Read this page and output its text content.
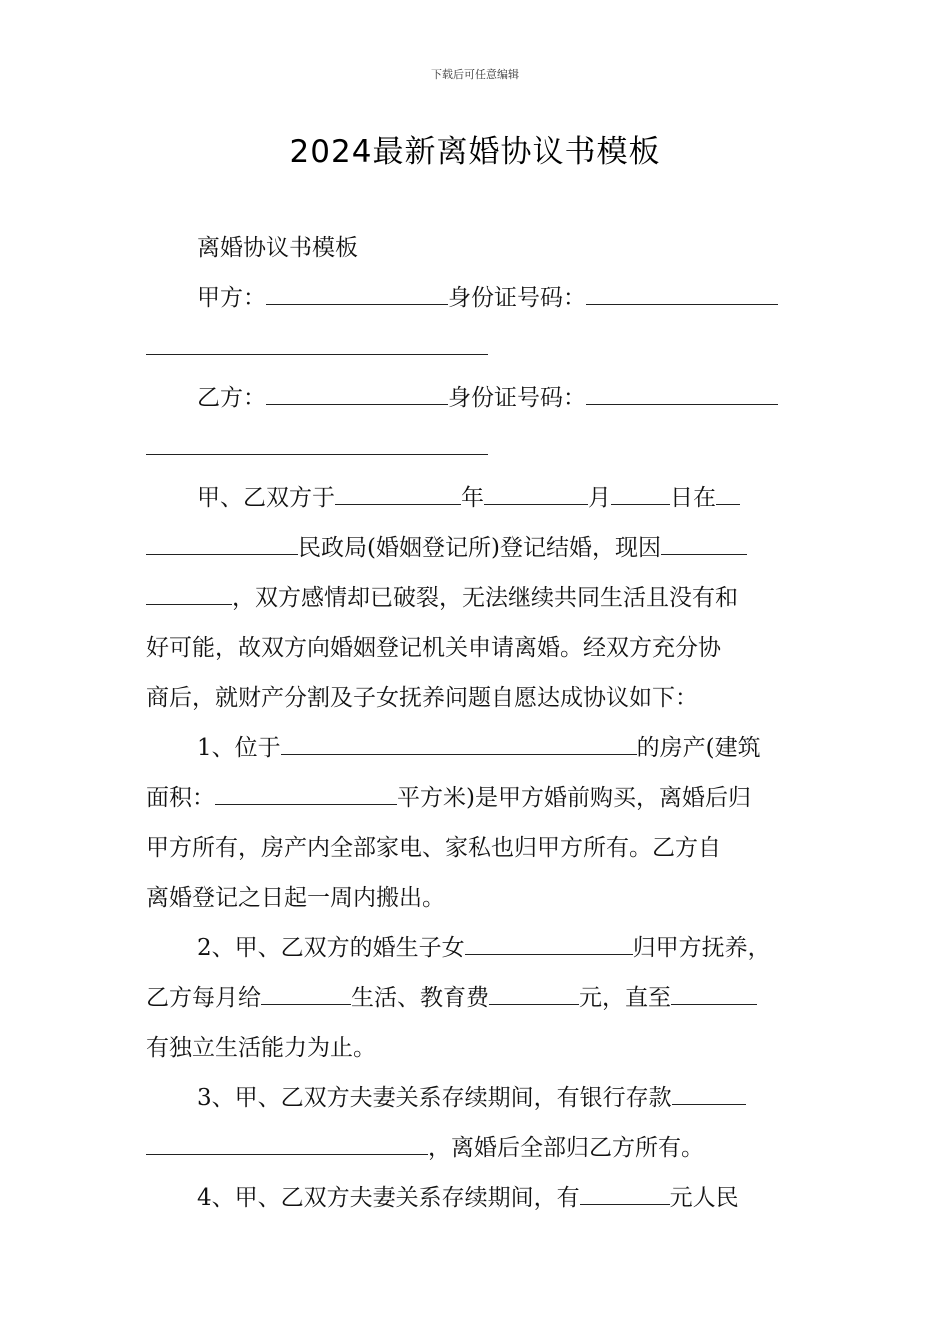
下载后可任意编辑
2024最新离婚协议书模板
离婚协议书模板
甲方：	身份证号码：
乙方：	身份证号码：
甲、乙双方于	年	月	日在
民政局(婚姻登记所)登记结婚，现因
，双方感情却已破裂，无法继续共同生活且没有和
好可能，故双方向婚姻登记机关申请离婚。经双方充分协
商后，就财产分割及子女抚养问题自愿达成协议如下：
1、位于	的房产(建筑
面积：	平方米)是甲方婚前购买，离婚后归
甲方所有，房产内全部家电、家私也归甲方所有。乙方自
离婚登记之日起一周内搬出。
2、甲、乙双方的婚生子女	归甲方抚养，
乙方每月给	生活、教育费	元，直至
有独立生活能力为止。
3、甲、乙双方夫妻关系存续期间，有银行存款
，离婚后全部归乙方所有。
4、甲、乙双方夫妻关系存续期间，有	元人民
